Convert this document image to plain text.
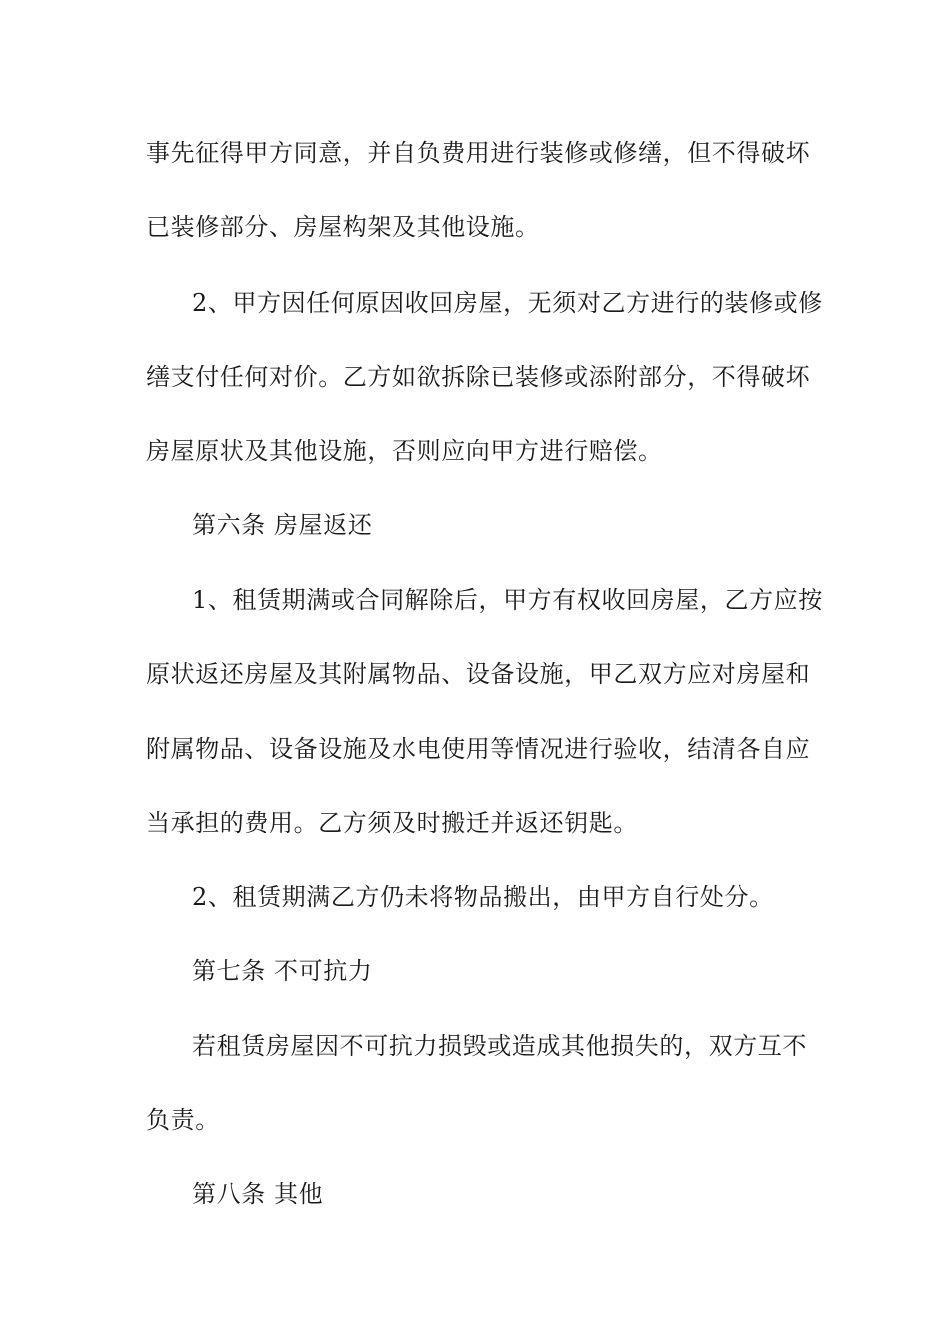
事先征得甲方同意，并自负费用进行装修或修缮，但不得破坏
已装修部分、房屋构架及其他设施。
2、甲方因任何原因收回房屋，无须对乙方进行的装修或修
缮支付任何对价。乙方如欲拆除已装修或添附部分，不得破坏
房屋原状及其他设施，否则应向甲方进行赔偿。
第六条 房屋返还
1、租赁期满或合同解除后，甲方有权收回房屋，乙方应按
原状返还房屋及其附属物品、设备设施，甲乙双方应对房屋和
附属物品、设备设施及水电使用等情况进行验收，结清各自应
当承担的费用。乙方须及时搬迁并返还钥匙。
2、租赁期满乙方仍未将物品搬出，由甲方自行处分。
第七条 不可抗力
若租赁房屋因不可抗力损毁或造成其他损失的，双方互不
负责。
第八条 其他
